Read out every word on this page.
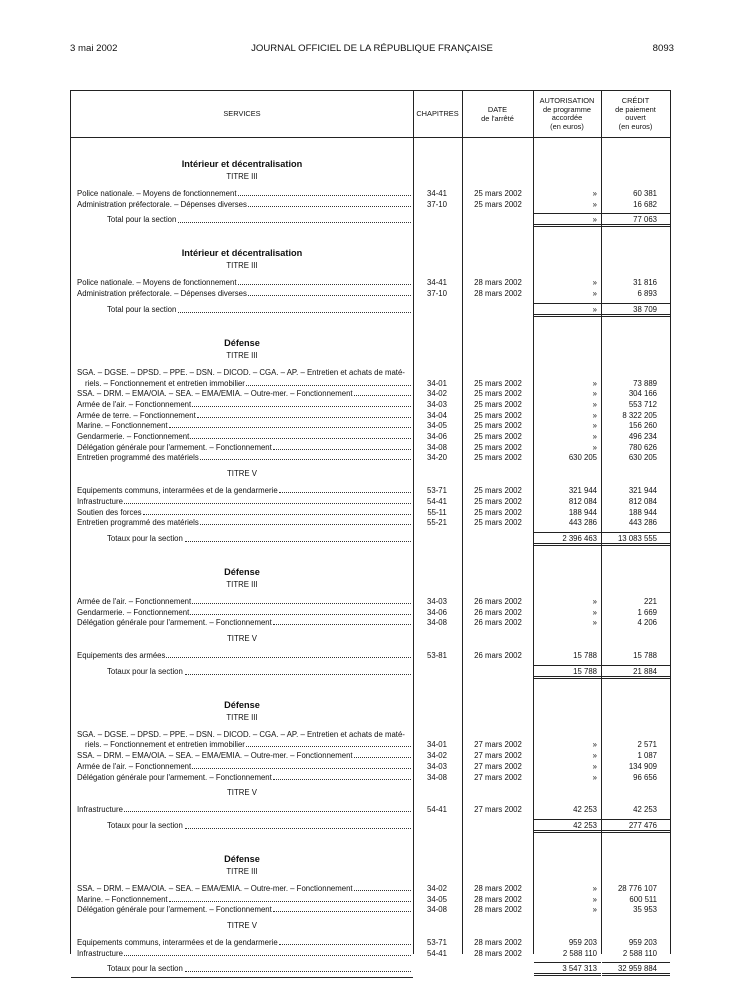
3 mai 2002	JOURNAL OFFICIEL DE LA RÉPUBLIQUE FRANÇAISE	8093
SERVICES	CHAPITRES	DATE
de l'arrêté
AUTORISATION
de programme
accordée
(en euros)
CRÉDIT
de paiement
ouvert
(en euros)
Intérieur et décentralisation
TITRE III
Police nationale. – Moyens de fonctionnement	34-41	25 mars 2002	»	60 381
Administration préfectorale. – Dépenses diverses	37-10	25 mars 2002	»	16 682
Total pour la section	»	77 063
Intérieur et décentralisation
TITRE III
Police nationale. – Moyens de fonctionnement	34-41	28 mars 2002	»	31 816
Administration préfectorale. – Dépenses diverses	37-10	28 mars 2002	»	6 893
Total pour la section	»	38 709
Défense
TITRE III
SGA. – DGSE. – DPSD. – PPE. – DSN. – DICOD. – CGA. – AP. – Entretien et achats de maté-
riels. – Fonctionnement et entretien immobilier	34-01	25 mars 2002	»	73 889
SSA. – DRM. – EMA/OIA. – SEA. – EMA/EMIA. – Outre-mer. – Fonctionnement	34-02	25 mars 2002	»	304 166
Armée de l'air. – Fonctionnement	34-03	25 mars 2002	»	553 712
Armée de terre. – Fonctionnement	34-04	25 mars 2002	»	8 322 205
Marine. – Fonctionnement	34-05	25 mars 2002	»	156 260
Gendarmerie. – Fonctionnement	34-06	25 mars 2002	»	496 234
Délégation générale pour l'armement. – Fonctionnement	34-08	25 mars 2002	»	780 626
Entretien programmé des matériels	34-20	25 mars 2002	630 205	630 205
TITRE V
Equipements communs, interarmées et de la gendarmerie	53-71	25 mars 2002	321 944	321 944
Infrastructure	54-41	25 mars 2002	812 084	812 084
Soutien des forces	55-11	25 mars 2002	188 944	188 944
Entretien programmé des matériels	55-21	25 mars 2002	443 286	443 286
Totaux pour la section	2 396 463	13 083 555
Défense
TITRE III
Armée de l'air. – Fonctionnement	34-03	26 mars 2002	»	221
Gendarmerie. – Fonctionnement	34-06	26 mars 2002	»	1 669
Délégation générale pour l'armement. – Fonctionnement	34-08	26 mars 2002	»	4 206
TITRE V
Equipements des armées	53-81	26 mars 2002	15 788	15 788
Totaux pour la section	15 788	21 884
Défense
TITRE III
SGA. – DGSE. – DPSD. – PPE. – DSN. – DICOD. – CGA. – AP. – Entretien et achats de maté-
riels. – Fonctionnement et entretien immobilier	34-01	27 mars 2002	»	2 571
SSA. – DRM. – EMA/OIA. – SEA. – EMA/EMIA. – Outre-mer. – Fonctionnement	34-02	27 mars 2002	»	1 087
Armée de l'air. – Fonctionnement	34-03	27 mars 2002	»	134 909
Délégation générale pour l'armement. – Fonctionnement	34-08	27 mars 2002	»	96 656
TITRE V
Infrastructure	54-41	27 mars 2002	42 253	42 253
Totaux pour la section	42 253	277 476
Défense
TITRE III
SSA. – DRM. – EMA/OIA. – SEA. – EMA/EMIA. – Outre-mer. – Fonctionnement	34-02	28 mars 2002	»	28 776 107
Marine. – Fonctionnement	34-05	28 mars 2002	»	600 511
Délégation générale pour l'armement. – Fonctionnement	34-08	28 mars 2002	»	35 953
TITRE V
Equipements communs, interarmées et de la gendarmerie	53-71	28 mars 2002	959 203	959 203
Infrastructure	54-41	28 mars 2002	2 588 110	2 588 110
Totaux pour la section	3 547 313	32 959 884
